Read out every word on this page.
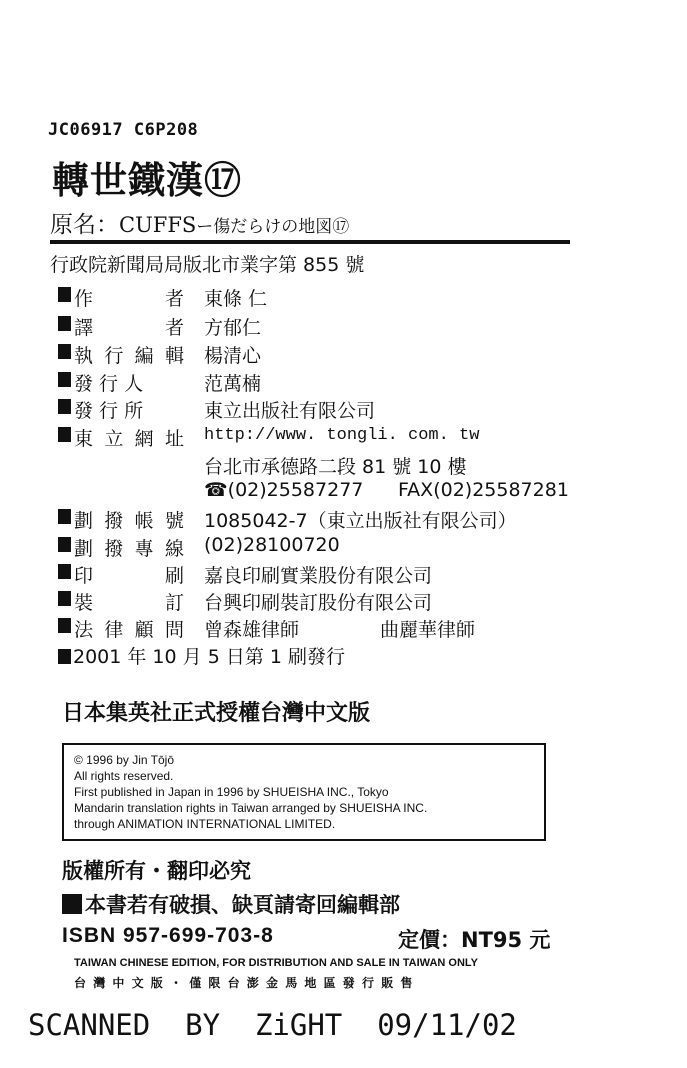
JC06917 C6P208
轉世鐵漢⑰
原名：CUFFSー傷だらけの地図⑰
行政院新聞局局版北市業字第 855 號
作　者 東條 仁
譯　者 方郁仁
執行編輯 楊清心
發 行 人	范萬楠
發 行 所	東立出版社有限公司
東立網址 http://www. tongli. com. tw
台北市承德路二段 81 號 10 樓
☎(02)25587277 FAX(02)25587281
劃撥帳號 1085042-7（東立出版社有限公司）
劃撥專線 (02)28100720
印　刷 嘉良印刷實業股份有限公司
裝　訂 台興印刷裝訂股份有限公司
法律顧問 曾森雄律師	曲麗華律師
2001 年 10 月 5 日第 1 刷發行
日本集英社正式授權台灣中文版
© 1996 by Jin Tōjō
All rights reserved.
First published in Japan in 1996 by SHUEISHA INC., Tokyo
Mandarin translation rights in Taiwan arranged by SHUEISHA INC.
through ANIMATION INTERNATIONAL LIMITED.
版權所有・翻印必究
本書若有破損、缺頁請寄回編輯部
ISBN 957-699-703-8	定價：NT95 元
TAIWAN CHINESE EDITION, FOR DISTRIBUTION AND SALE IN TAIWAN ONLY
台灣中文版・僅限台澎金馬地區發行販售
SCANNED  BY  ZiGHT  09/11/02
